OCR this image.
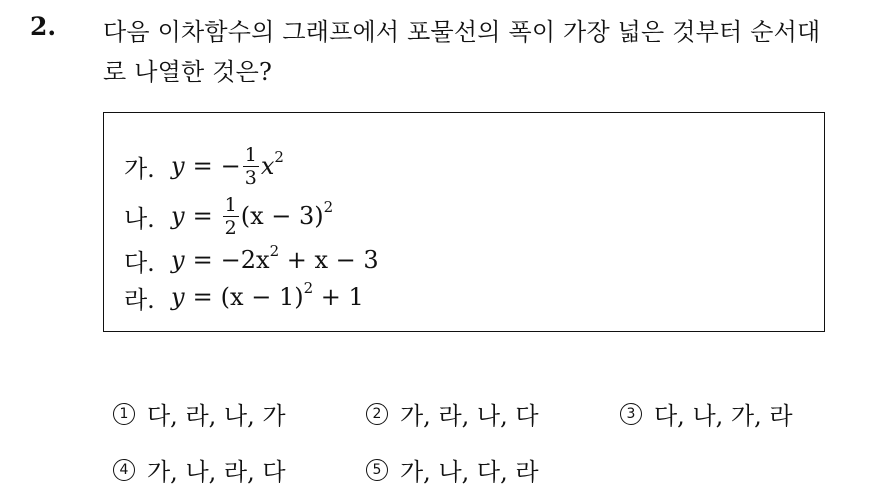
2. 다음 이차함수의 그래프에서 포물선의 폭이 가장 넓은 것부터 순서대
로 나열한 것은?
가. y = − $\frac{1}{3} x^2$
나. $y = \frac{1}{2} (x - 3)^2$
다. $y = -2x^2 + x - 3$
라. $y = (x - 1)^2 + 1$
1 다, 라, 나, 가	2 가, 라, 나, 다	3 다, 나, 가, 라
4 가, 나, 라, 다	5 가, 나, 다, 라
